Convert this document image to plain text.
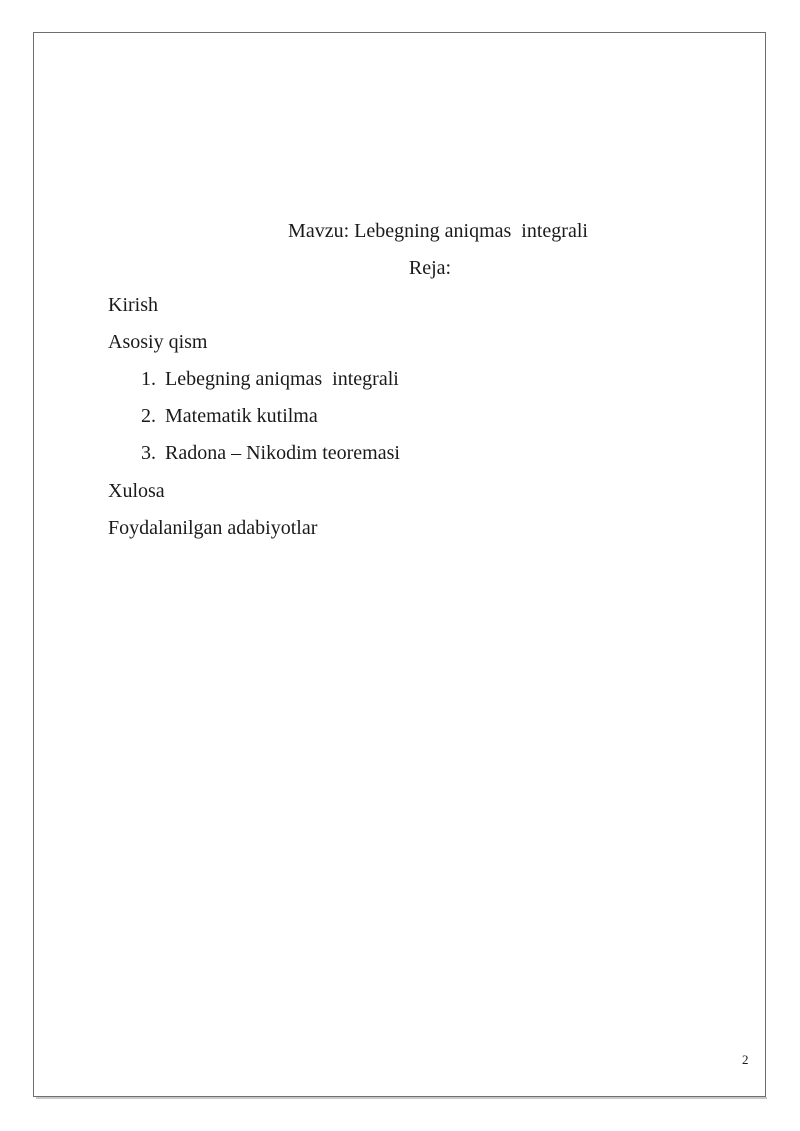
Mavzu: Lebegning aniqmas  integrali

Reja:

Kirish

Asosiy qism

1. Lebegning aniqmas  integrali

2. Matematik kutilma

3. Radona – Nikodim teoremasi

Xulosa

Foydalanilgan adabiyotlar

2
